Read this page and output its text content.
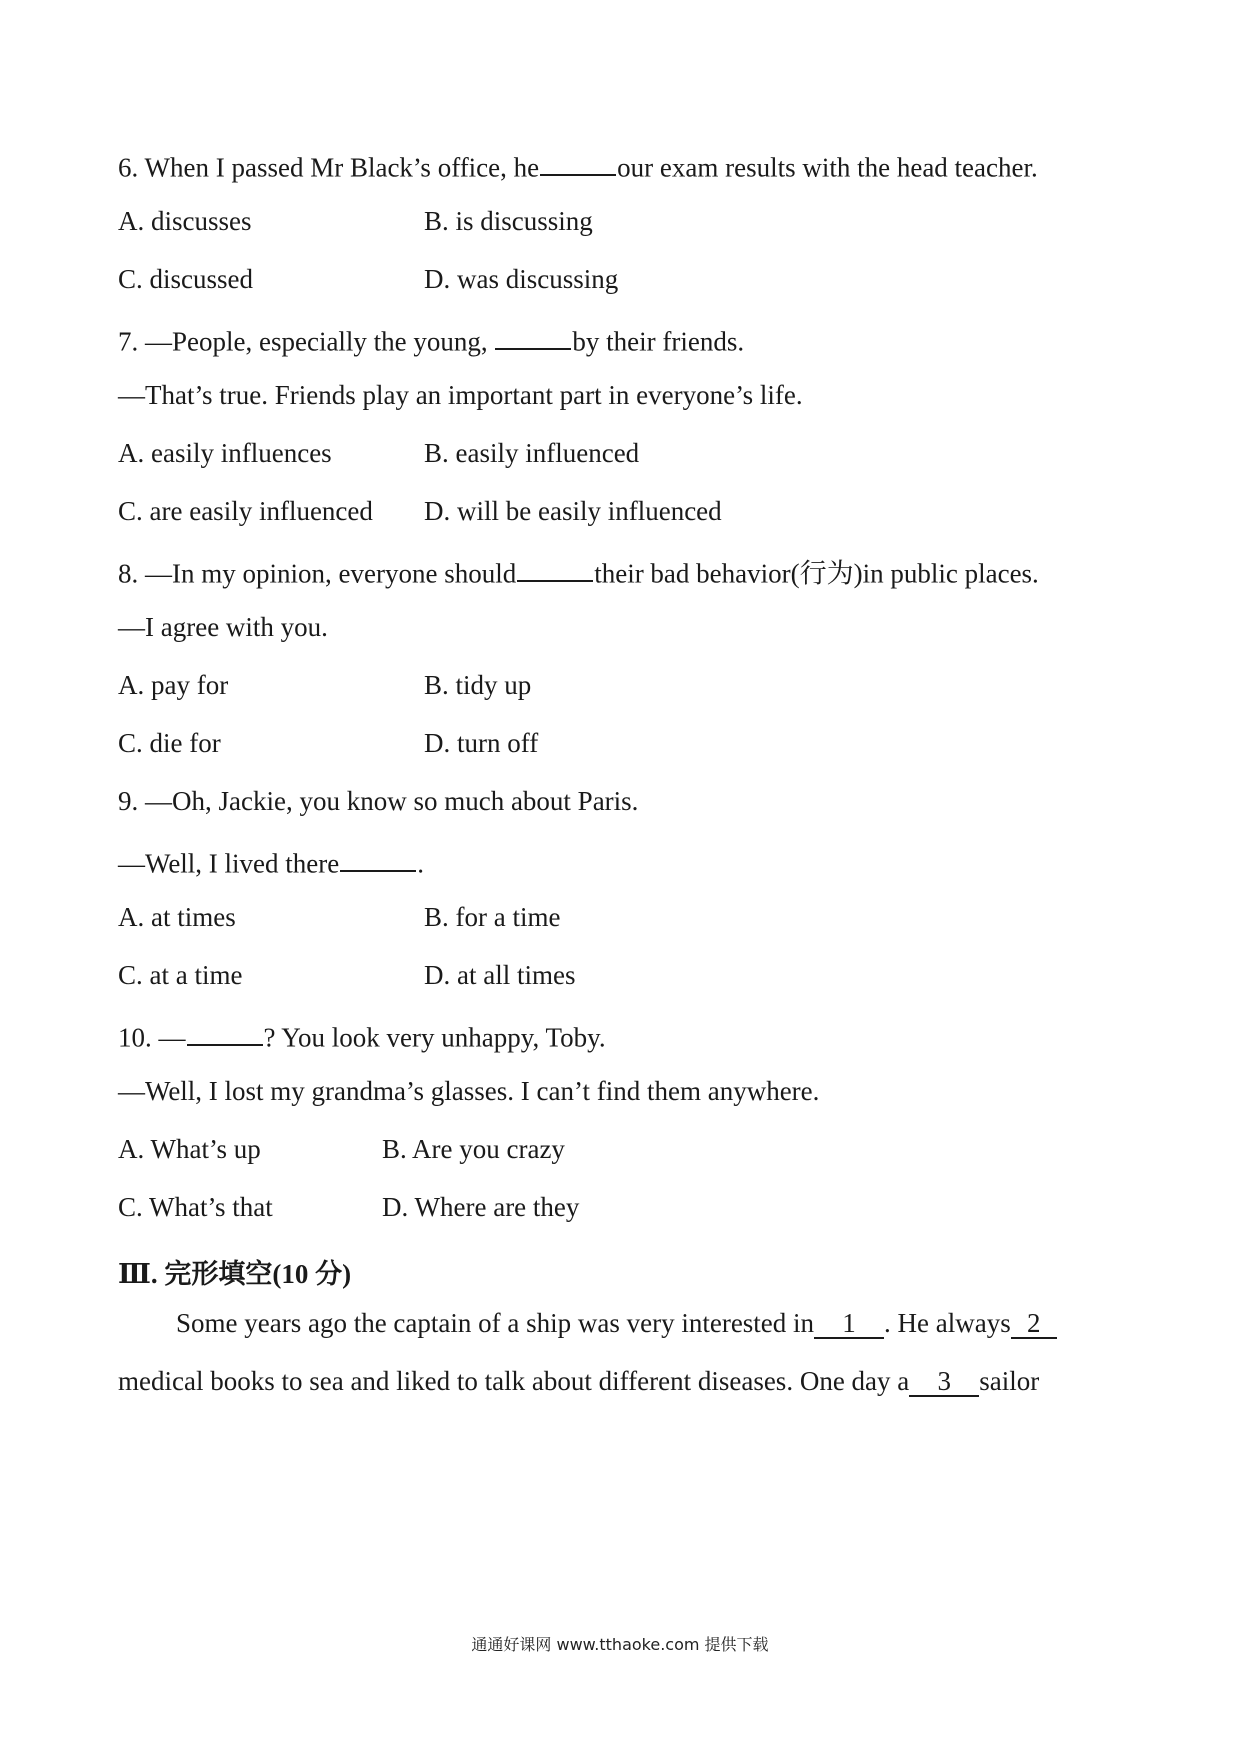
6. When I passed Mr Black’s office, he	our exam results with the head teacher.
A. discusses	B. is discussing
C. discussed	D. was discussing
7. —People, especially the young,	by their friends.
—That’s true. Friends play an important part in everyone’s life.
A. easily influences	B. easily influenced
C. are easily influenced D. will be easily influenced
8. —In my opinion, everyone should	their bad behavior(行为)in public places.
—I agree with you.
A. pay for	B. tidy up
C. die for	D. turn off
9. —Oh, Jackie, you know so much about Paris.
—Well, I lived there	.
A. at times	B. for a time
C. at a time	D. at all times
10. —	? You look very unhappy, Toby.
—Well, I lost my grandma’s glasses. I can’t find them anywhere.
A. What’s up	B. Are you crazy
C. What’s that	D. Where are they
Ⅲ. 完形填空(10 分)
Some years ago the captain of a ship was very interested in 1 . He always 2
medical books to sea and liked to talk about different diseases. One day a 3 sailor
通通好课网 www.tthaoke.com 提供下载
